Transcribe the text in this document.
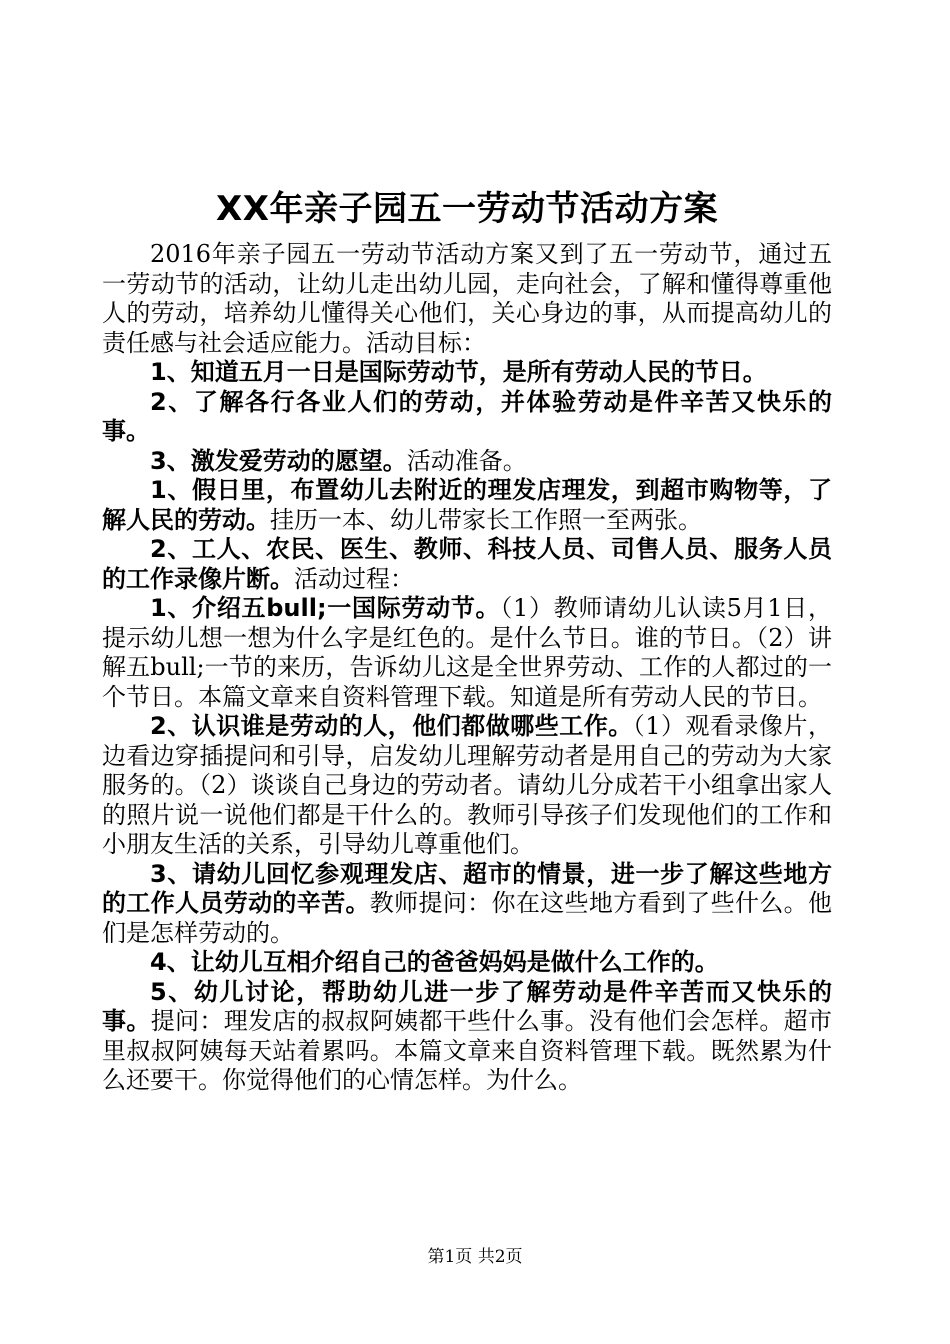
XX年亲子园五一劳动节活动方案

2016年亲子园五一劳动节活动方案又到了五一劳动节，通过五一劳动节的活动，让幼儿走出幼儿园，走向社会，了解和懂得尊重他人的劳动，培养幼儿懂得关心他们，关心身边的事，从而提高幼儿的责任感与社会适应能力。活动目标：

1、知道五月一日是国际劳动节，是所有劳动人民的节日。

2、了解各行各业人们的劳动，并体验劳动是件辛苦又快乐的事。

3、激发爱劳动的愿望。活动准备。

1、假日里，布置幼儿去附近的理发店理发，到超市购物等，了解人民的劳动。挂历一本、幼儿带家长工作照一至两张。

2、工人、农民、医生、教师、科技人员、司售人员、服务人员的工作录像片断。活动过程：

1、介绍五bull;一国际劳动节。（1）教师请幼儿认读5月1日，提示幼儿想一想为什么字是红色的。是什么节日。谁的节日。（2）讲解五bull;一节的来历，告诉幼儿这是全世界劳动、工作的人都过的一个节日。本篇文章来自资料管理下载。知道是所有劳动人民的节日。

2、认识谁是劳动的人，他们都做哪些工作。（1）观看录像片，边看边穿插提问和引导，启发幼儿理解劳动者是用自己的劳动为大家服务的。（2）谈谈自己身边的劳动者。请幼儿分成若干小组拿出家人的照片说一说他们都是干什么的。教师引导孩子们发现他们的工作和小朋友生活的关系，引导幼儿尊重他们。

3、请幼儿回忆参观理发店、超市的情景，进一步了解这些地方的工作人员劳动的辛苦。教师提问：你在这些地方看到了些什么。他们是怎样劳动的。

4、让幼儿互相介绍自己的爸爸妈妈是做什么工作的。

5、幼儿讨论，帮助幼儿进一步了解劳动是件辛苦而又快乐的事。提问：理发店的叔叔阿姨都干些什么事。没有他们会怎样。超市里叔叔阿姨每天站着累吗。本篇文章来自资料管理下载。既然累为什么还要干。你觉得他们的心情怎样。为什么。

第1页 共2页
